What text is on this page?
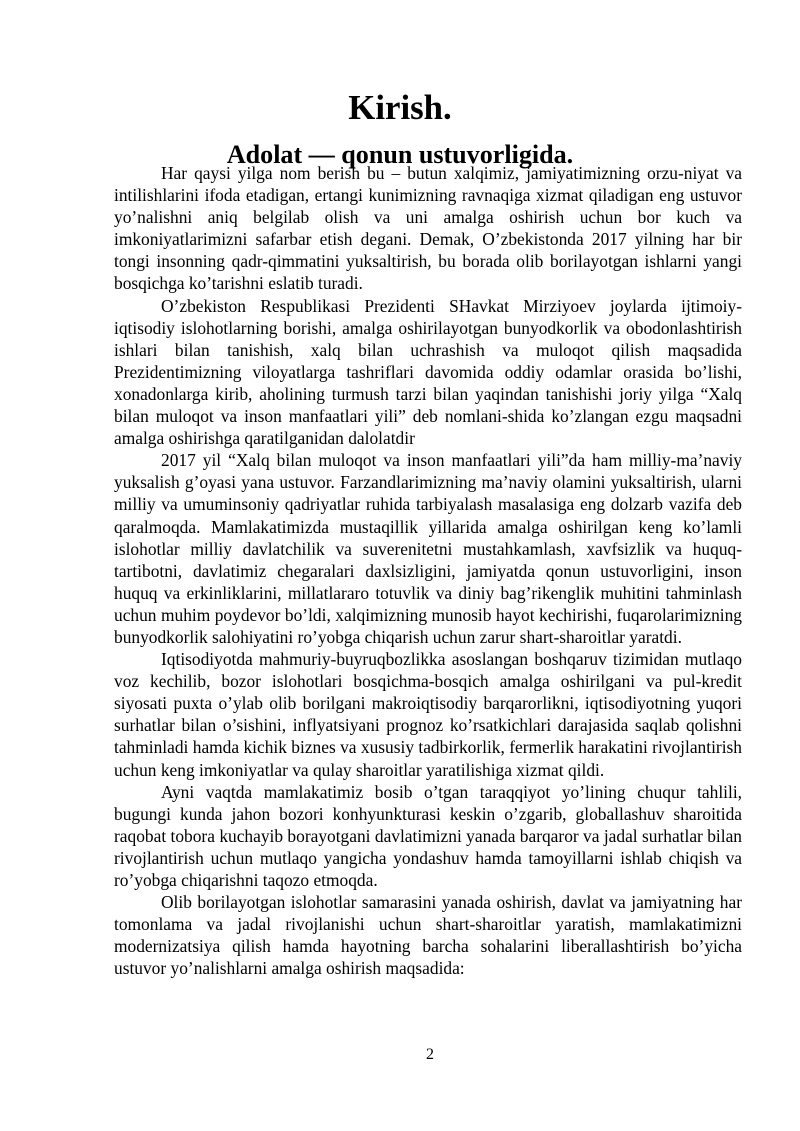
Kirish.
Adolat — qonun ustuvorligida.

Har qaysi yilga nom berish bu – butun xalqimiz, jamiyatimizning orzu-niyat va intilishlarini ifoda etadigan, ertangi kunimizning ravnaqiga xizmat qiladigan eng ustuvor yo’nalishni aniq belgilab olish va uni amalga oshirish uchun bor kuch va imkoniyatlarimizni safarbar etish degani. Demak, O’zbekistonda 2017 yilning har bir tongi insonning qadr-qimmatini yuksaltirish, bu borada olib borilayotgan ishlarni yangi bosqichga ko’tarishni eslatib turadi.

O’zbekiston Respublikasi Prezidenti SHavkat Mirziyoev joylarda ijtimoiy-iqtisodiy islohotlarning borishi, amalga oshirilayotgan bunyodkorlik va obodonlashtirish ishlari bilan tanishish, xalq bilan uchrashish va muloqot qilish maqsadida Prezidentimizning viloyatlarga tashriflari davomida oddiy odamlar orasida bo’lishi, xonadonlarga kirib, aholining turmush tarzi bilan yaqindan tanishishi joriy yilga “Xalq bilan muloqot va inson manfaatlari yili” deb nomlani-shida ko’zlangan ezgu maqsadni amalga oshirishga qaratilganidan dalolatdir

2017 yil “Xalq bilan muloqot va inson manfaatlari yili”da ham milliy-ma’naviy yuksalish g’oyasi yana ustuvor. Farzandlarimizning ma’naviy olamini yuksaltirish, ularni milliy va umuminsoniy qadriyatlar ruhida tarbiyalash masalasiga eng dolzarb vazifa deb qaralmoqda. Mamlakatimizda mustaqillik yillarida amalga oshirilgan keng ko’lamli islohotlar milliy davlatchilik va suverenitetni mustahkamlash, xavfsizlik va huquq-tartibotni, davlatimiz chegaralari daxlsizligini, jamiyatda qonun ustuvorligini, inson huquq va erkinliklarini, millatlararo totuvlik va diniy bag’rikenglik muhitini tahminlash uchun muhim poydevor bo’ldi, xalqimizning munosib hayot kechirishi, fuqarolarimizning bunyodkorlik salohiyatini ro’yobga chiqarish uchun zarur shart-sharoitlar yaratdi.

Iqtisodiyotda mahmuriy-buyruqbozlikka asoslangan boshqaruv tizimidan mutlaqo voz kechilib, bozor islohotlari bosqichma-bosqich amalga oshirilgani va pul-kredit siyosati puxta o’ylab olib borilgani makroiqtisodiy barqarorlikni, iqtisodiyotning yuqori surhatlar bilan o’sishini, inflyatsiyani prognoz ko’rsatkichlari darajasida saqlab qolishni tahminladi hamda kichik biznes va xususiy tadbirkorlik, fermerlik harakatini rivojlantirish uchun keng imkoniyatlar va qulay sharoitlar yaratilishiga xizmat qildi.

Ayni vaqtda mamlakatimiz bosib o’tgan taraqqiyot yo’lining chuqur tahlili, bugungi kunda jahon bozori konhyunkturasi keskin o’zgarib, globallashuv sharoitida raqobat tobora kuchayib borayotgani davlatimizni yanada barqaror va jadal surhatlar bilan rivojlantirish uchun mutlaqo yangicha yondashuv hamda tamoyillarni ishlab chiqish va ro’yobga chiqarishni taqozo etmoqda.

Olib borilayotgan islohotlar samarasini yanada oshirish, davlat va jamiyatning har tomonlama va jadal rivojlanishi uchun shart-sharoitlar yaratish, mamlakatimizni modernizatsiya qilish hamda hayotning barcha sohalarini liberallashtirish bo’yicha ustuvor yo’nalishlarni amalga oshirish maqsadida:

2
